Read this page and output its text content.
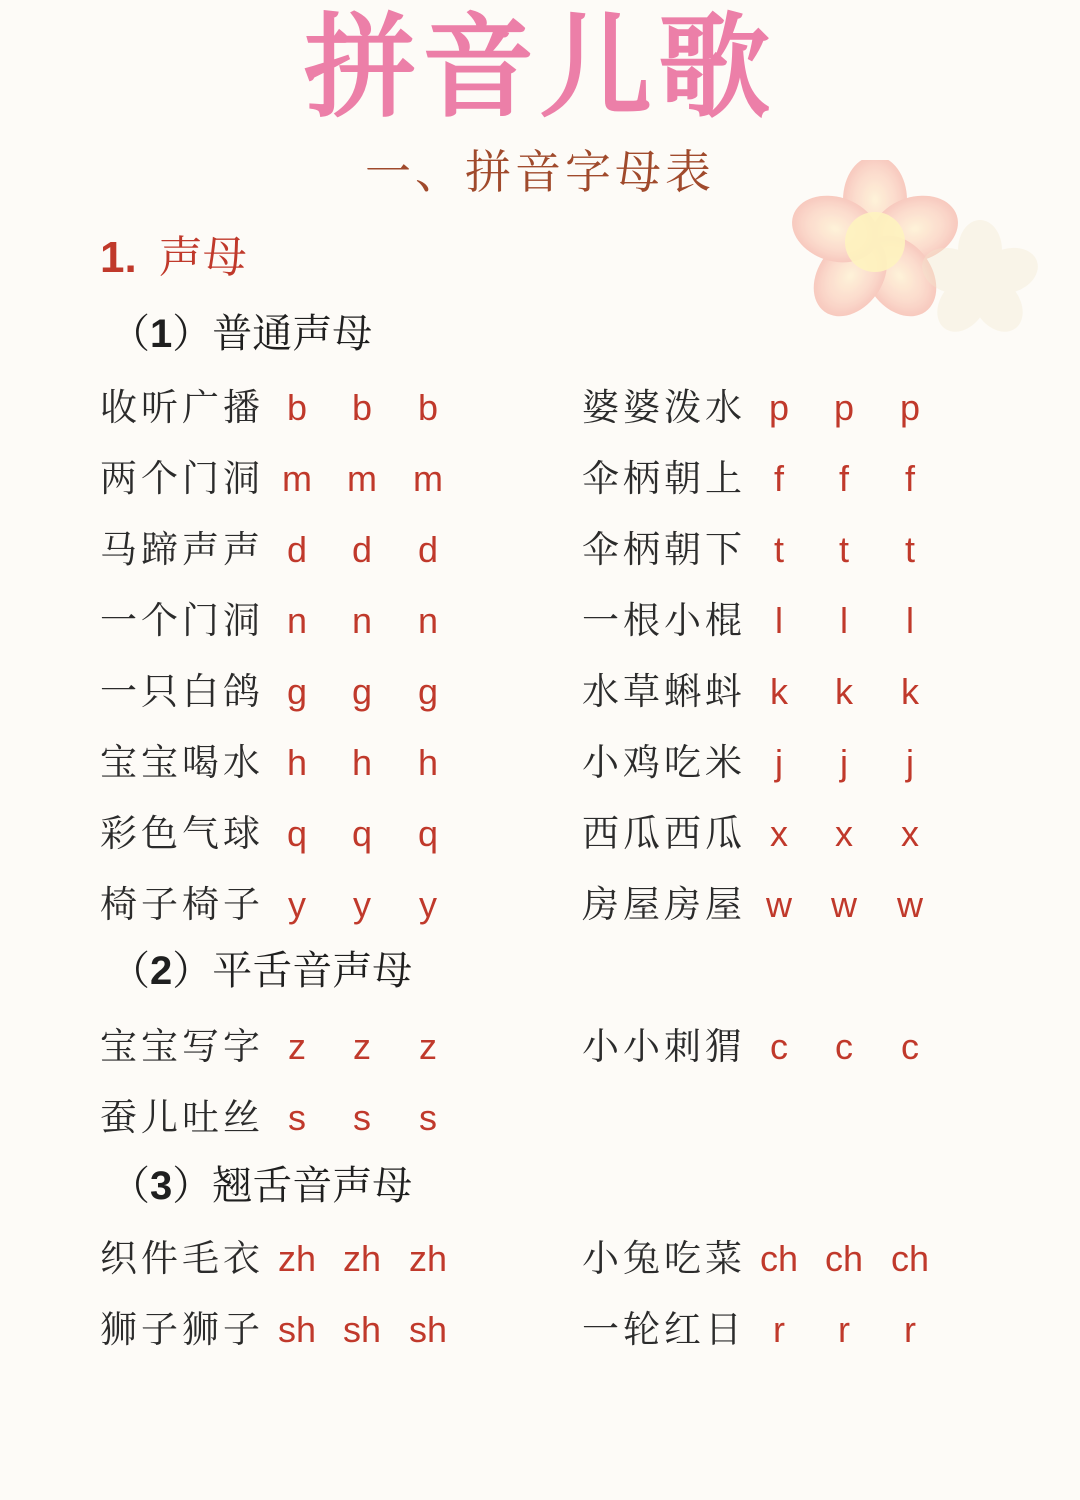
拼音儿歌
一、拼音字母表
1. 声母
（1）普通声母
收听广播 b	b	b	婆婆泼水 p	p	p
两个门洞 m m	m	伞柄朝上 f	f	f
马蹄声声 d	d	d	伞柄朝下 t	t	t
一个门洞 n	n	n	一根小棍 l	l	l
一只白鸽 g	g	g	水草蝌蚪 k	k	k
宝宝喝水 h	h	h	小鸡吃米 j	j	j
彩色气球 q	q	q	西瓜西瓜 x	x	x
椅子椅子 y	y	y	房屋房屋 w	w	w
（2）平舌音声母
宝宝写字 z	z	z	小小刺猬 c	c	c
蚕儿吐丝 s	s	s
（3）翘舌音声母
织件毛衣 zh zh zh	小兔吃菜 ch ch ch
狮子狮子 sh sh sh	一轮红日 r	r	r
